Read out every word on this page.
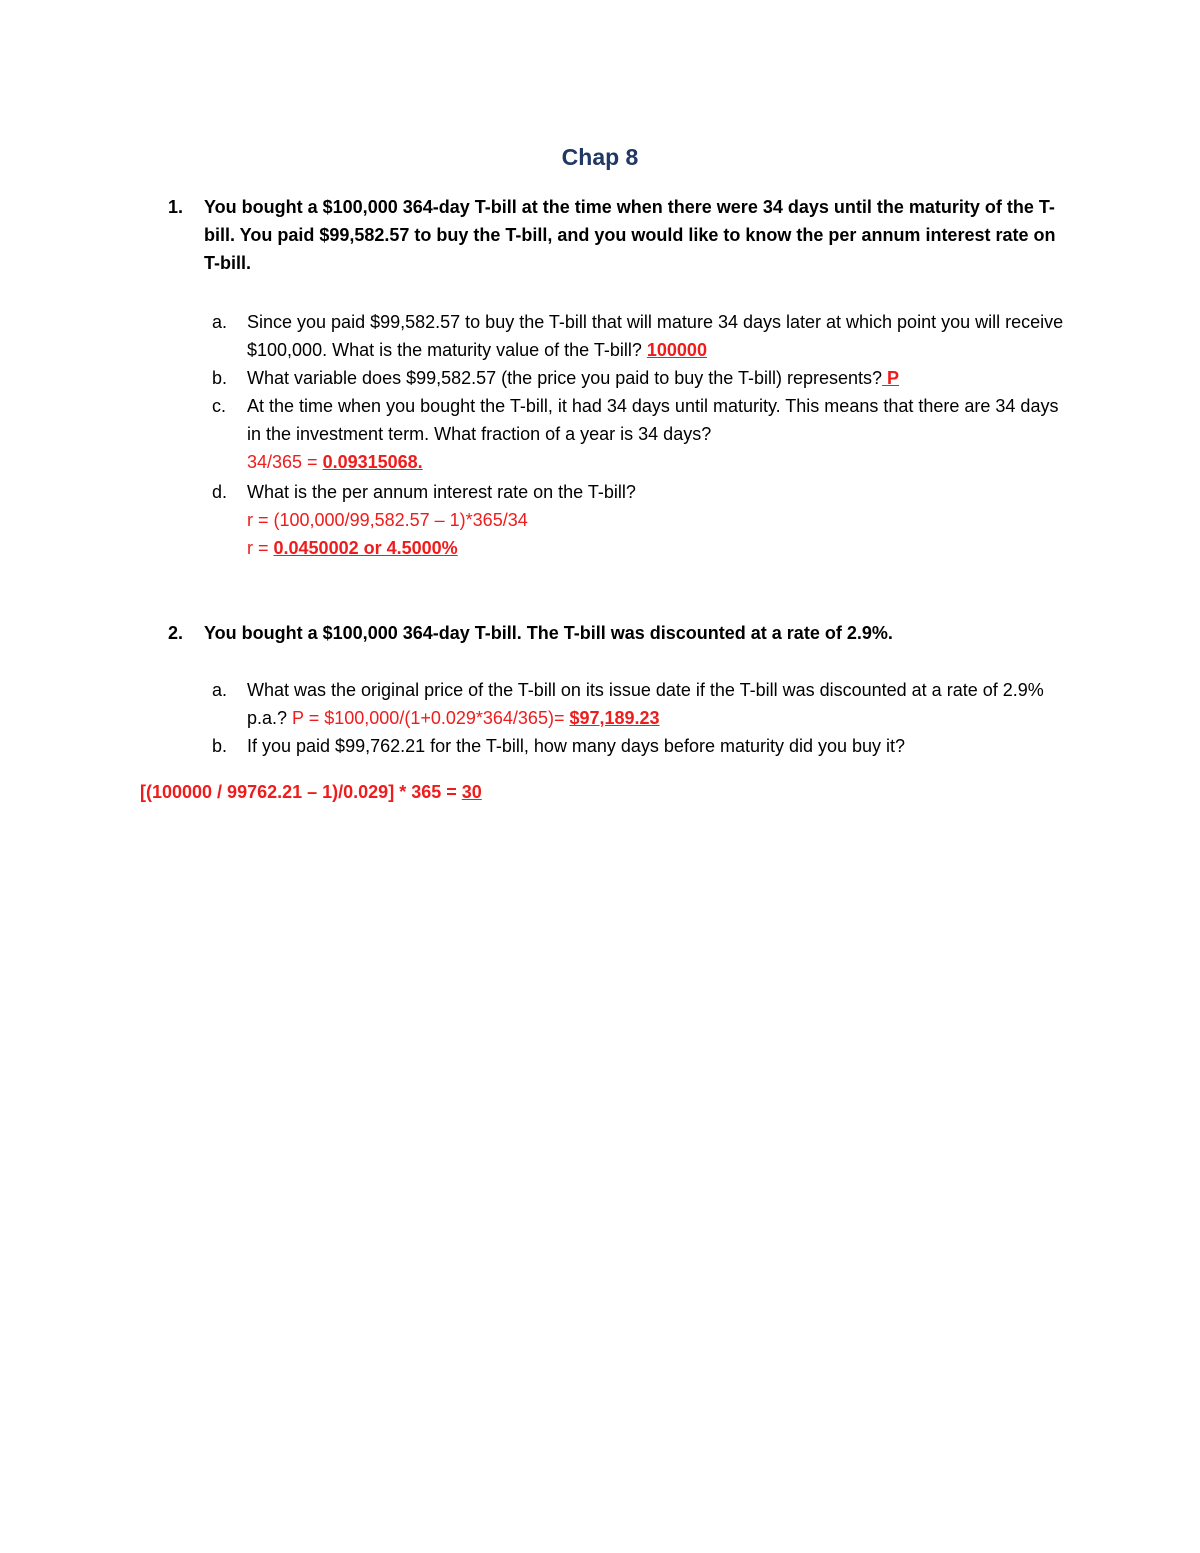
Chap 8
1. You bought a $100,000 364-day T-bill at the time when there were 34 days until the maturity of the T-bill. You paid $99,582.57 to buy the T-bill, and you would like to know the per annum interest rate on T-bill.
a. Since you paid $99,582.57 to buy the T-bill that will mature 34 days later at which point you will receive $100,000. What is the maturity value of the T-bill? 100000
b. What variable does $99,582.57 (the price you paid to buy the T-bill) represents? P
c. At the time when you bought the T-bill, it had 34 days until maturity. This means that there are 34 days in the investment term. What fraction of a year is 34 days?
34/365 = 0.09315068.
d. What is the per annum interest rate on the T-bill?
r = (100,000/99,582.57 – 1)*365/34
r = 0.0450002 or 4.5000%
2. You bought a $100,000 364-day T-bill. The T-bill was discounted at a rate of 2.9%.
a. What was the original price of the T-bill on its issue date if the T-bill was discounted at a rate of 2.9% p.a.? P = $100,000/(1+0.029*364/365)= $97,189.23
b. If you paid $99,762.21 for the T-bill, how many days before maturity did you buy it?
[(100000 / 99762.21 – 1)/0.029] * 365 = 30
